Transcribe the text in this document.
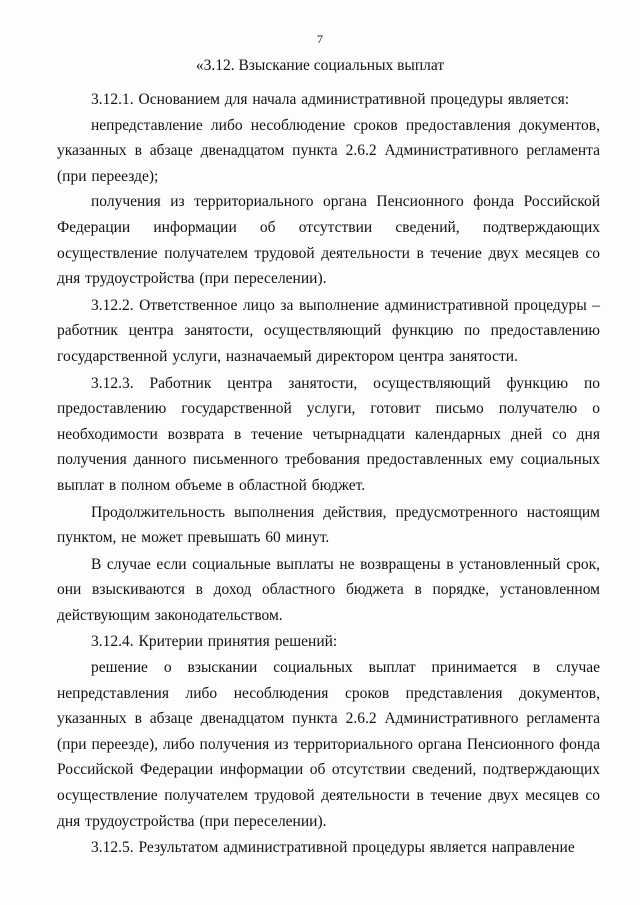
7
«3.12. Взыскание социальных выплат

3.12.1. Основанием для начала административной процедуры является:

непредставление либо несоблюдение сроков предоставления документов, указанных в абзаце двенадцатом пункта 2.6.2 Административного регламента (при переезде);

получения из территориального органа Пенсионного фонда Российской Федерации информации об отсутствии сведений, подтверждающих осуществление получателем трудовой деятельности в течение двух месяцев со дня трудоустройства (при переселении).

3.12.2. Ответственное лицо за выполнение административной процедуры – работник центра занятости, осуществляющий функцию по предоставлению государственной услуги, назначаемый директором центра занятости.

3.12.3. Работник центра занятости, осуществляющий функцию по предоставлению государственной услуги, готовит письмо получателю о необходимости возврата в течение четырнадцати календарных дней со дня получения данного письменного требования предоставленных ему социальных выплат в полном объеме в областной бюджет.

Продолжительность выполнения действия, предусмотренного настоящим пунктом, не может превышать 60 минут.

В случае если социальные выплаты не возвращены в установленный срок, они взыскиваются в доход областного бюджета в порядке, установленном действующим законодательством.

3.12.4. Критерии принятия решений:

решение о взыскании социальных выплат принимается в случае непредставления либо несоблюдения сроков представления документов, указанных в абзаце двенадцатом пункта 2.6.2 Административного регламента (при переезде), либо получения из территориального органа Пенсионного фонда Российской Федерации информации об отсутствии сведений, подтверждающих осуществление получателем трудовой деятельности в течение двух месяцев со дня трудоустройства (при переселении).

3.12.5. Результатом административной процедуры является направление
